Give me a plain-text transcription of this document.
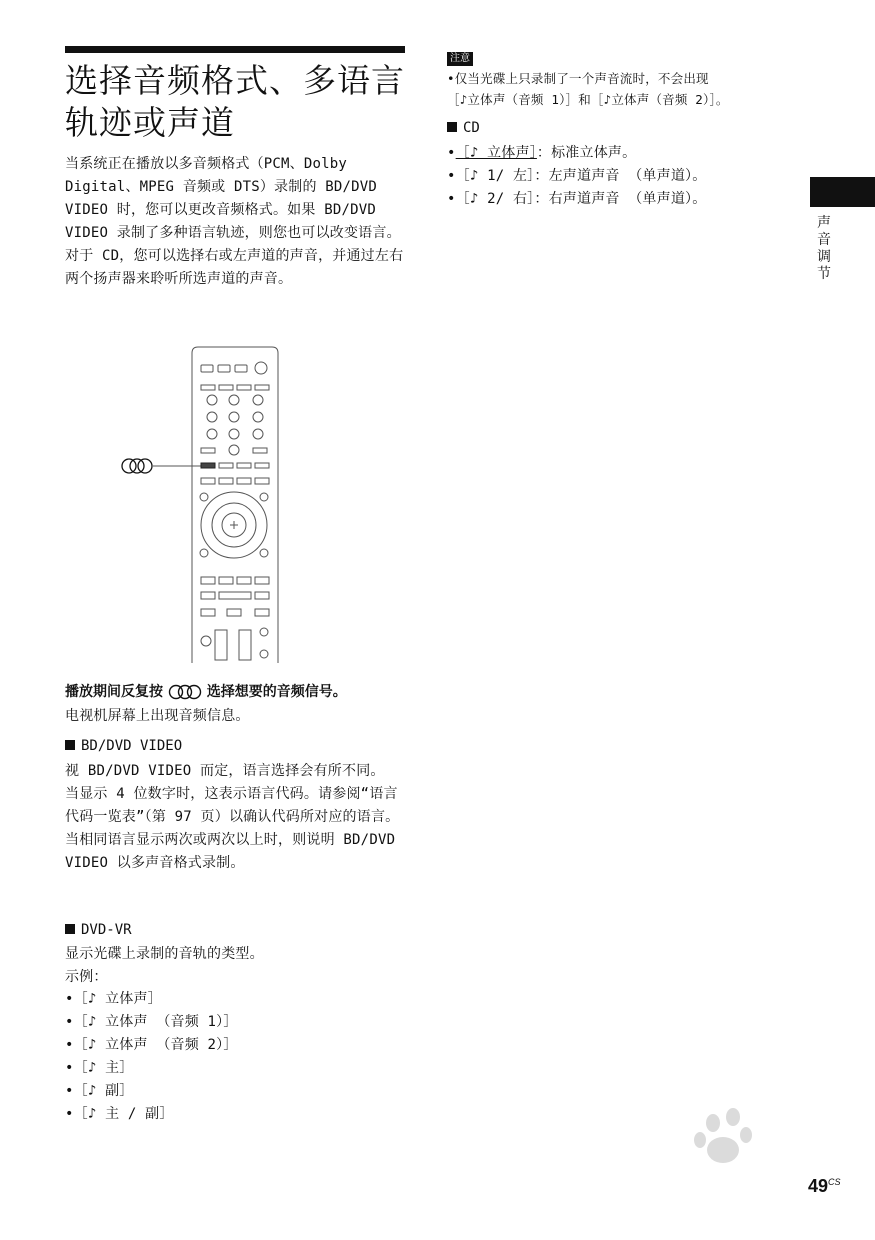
选择音频格式、多语言轨迹或声道

当系统正在播放以多音频格式（PCM、Dolby Digital、MPEG 音频或 DTS）录制的 BD/DVD VIDEO 时，您可以更改音频格式。如果 BD/DVD VIDEO 录制了多种语言轨迹，则您也可以改变语言。

对于 CD，您可以选择右或左声道的声音，并通过左右两个扬声器来聆听所选声道的声音。

播放期间反复按	选择想要的音频信号。
电视机屏幕上出现音频信息。
BD/DVD VIDEO

视 BD/DVD VIDEO 而定，语言选择会有所不同。

当显示 4 位数字时，这表示语言代码。请参阅“语言代码一览表”（第 97 页）以确认代码所对应的语言。当相同语言显示两次或两次以上时，则说明 BD/DVD VIDEO 以多声音格式录制。

DVD-VR

显示光碟上录制的音轨的类型。

示例：

•［♪ 立体声］
•［♪ 立体声 （音频 1）］
•［♪ 立体声 （音频 2）］
•［♪ 主］
•［♪ 副］
•［♪ 主 / 副］
注意
•仅当光碟上只录制了一个声音流时，不会出现
［♪立体声（音频 1）］和［♪立体声（音频 2）］。
CD
•［♪ 立体声］：标准立体声。
•［♪ 1/ 左］：左声道声音 （单声道）。
•［♪ 2/ 右］：右声道声音 （单声道）。
声音调节
$49^{CS}$
